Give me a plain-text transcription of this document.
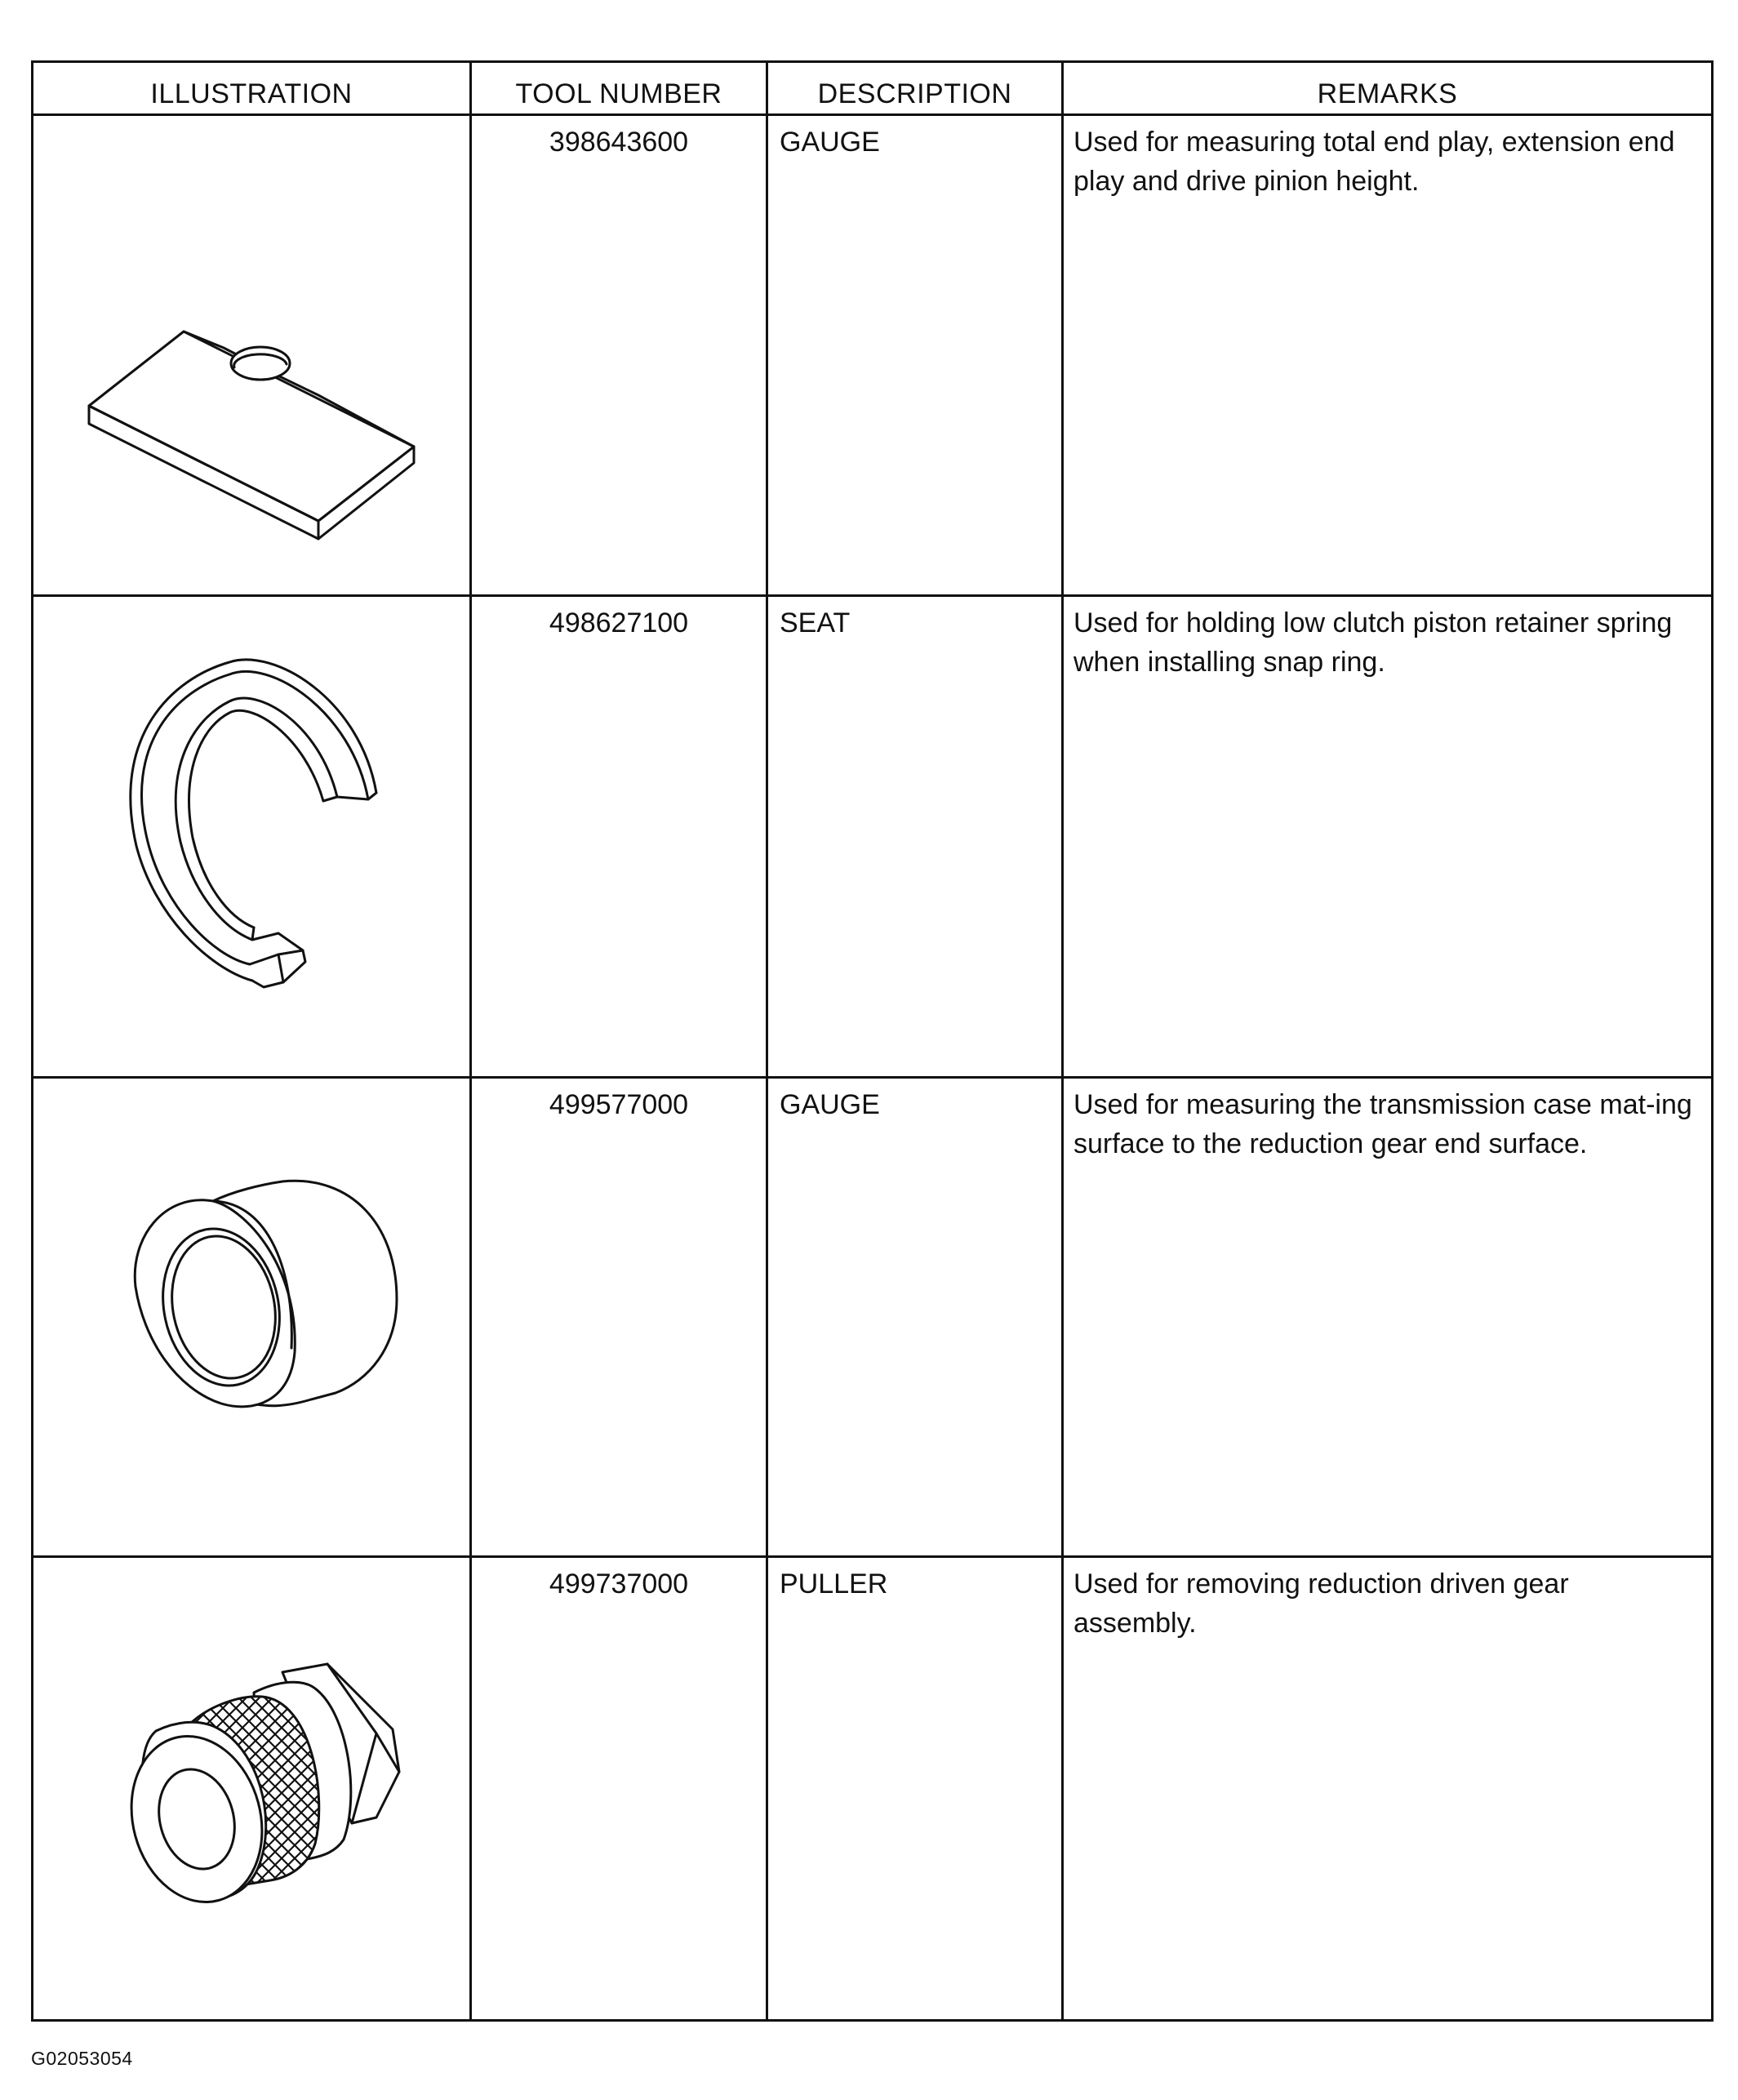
ILLUSTRATION	TOOL NUMBER	DESCRIPTION	REMARKS

	398643600	GAUGE	Used for measuring total end play, extension end play and drive pinion height.

	498627100	SEAT	Used for holding low clutch piston retainer spring when installing snap ring.

	499577000	GAUGE	Used for measuring the transmission case mat-ing surface to the reduction gear end surface.

	499737000	PULLER	Used for removing reduction driven gear assembly.
G02053054
